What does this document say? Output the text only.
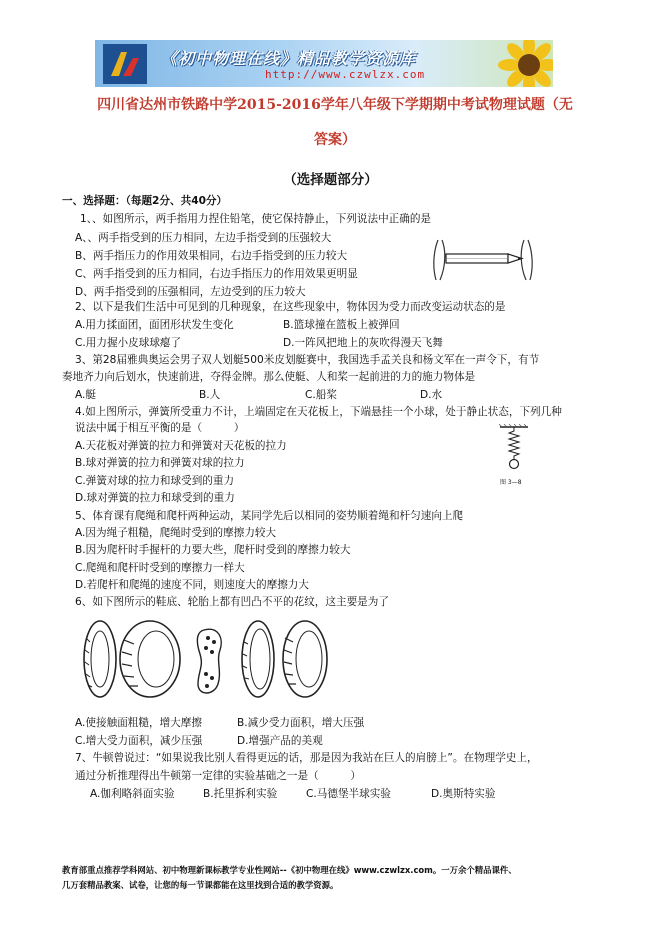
《初中物理在线》精品教学资源库
http://www.czwlzx.com
四川省达州市铁路中学2015-2016学年八年级下学期期中考试物理试题（无
答案）
（选择题部分）
一、选择题：（每题2分、共40分）
1、、如图所示，两手指用力捏住铅笔，使它保持静止，下列说法中正确的是
A、、两手指受到的压力相同，左边手指受到的压强较大
B、两手指压力的作用效果相同，右边手指受到的压力较大
C、两手指受到的压力相同，右边手指压力的作用效果更明显
D、两手指受到的压强相同，左边受到的压力较大
2、以下是我们生活中可见到的几种现象，在这些现象中，物体因为受力而改变运动状态的是
A.用力揉面团，面团形状发生变化	B.篮球撞在篮板上被弹回
C.用力握小皮球球瘪了	D.一阵风把地上的灰吹得漫天飞舞
3、第28届雅典奥运会男子双人划艇500米皮划艇赛中，我国选手孟关良和杨文军在一声令下，有节
奏地齐力向后划水，快速前进，夺得金牌。那么使艇、人和桨一起前进的力的施力物体是
A.艇	B.人	C.船桨	D.水
4.如上图所示，弹簧所受重力不计，上端固定在天花板上，下端悬挂一个小球，处于静止状态，下列几种
说法中属于相互平衡的是（　　　）
A.天花板对弹簧的拉力和弹簧对天花板的拉力
B.球对弹簧的拉力和弹簧对球的拉力
C.弹簧对球的拉力和球受到的重力
D.球对弹簧的拉力和球受到的重力
图 3—8
5、体育课有爬绳和爬杆两种运动，某同学先后以相同的姿势顺着绳和杆匀速向上爬
A.因为绳子粗糙，爬绳时受到的摩擦力较大
B.因为爬杆时手握杆的力要大些，爬杆时受到的摩擦力较大
C.爬绳和爬杆时受到的摩擦力一样大
D.若爬杆和爬绳的速度不同，则速度大的摩擦力大
6、如下图所示的鞋底、轮胎上都有凹凸不平的花纹，这主要是为了
A.使接触面粗糙，增大摩擦	B.减少受力面积，增大压强
C.增大受力面积，减少压强	D.增强产品的美观
7、牛顿曾说过：“如果说我比别人看得更远的话，那是因为我站在巨人的肩膀上”。在物理学史上，
通过分析推理得出牛顿第一定律的实验基础之一是（　　　）
A.伽利略斜面实验	B.托里拆利实验	C.马德堡半球实验	D.奥斯特实验
教育部重点推荐学科网站、初中物理新课标教学专业性网站--《初中物理在线》www.czwlzx.com。一万余个精品课件、
几万套精品教案、试卷，让您的每一节课都能在这里找到合适的教学资源。
